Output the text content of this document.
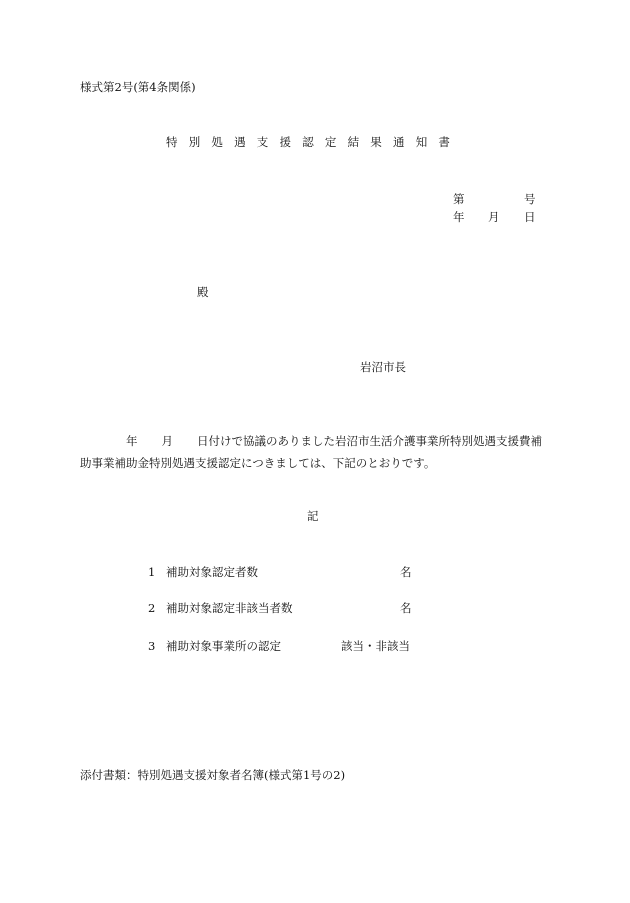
様式第2号(第4条関係)
特別処遇支援認定結果通知書
第	号
年 月 日
殿
岩沼市長
年 月 日付けで協議のありました岩沼市生活介護事業所特別処遇支援費補
助事業補助金特別処遇支援認定につきましては、下記のとおりです。
記
1 補助対象認定者数	名
2 補助対象認定非該当者数	名
3 補助対象事業所の認定	該当・非該当
添付書類：特別処遇支援対象者名簿(様式第1号の2)
